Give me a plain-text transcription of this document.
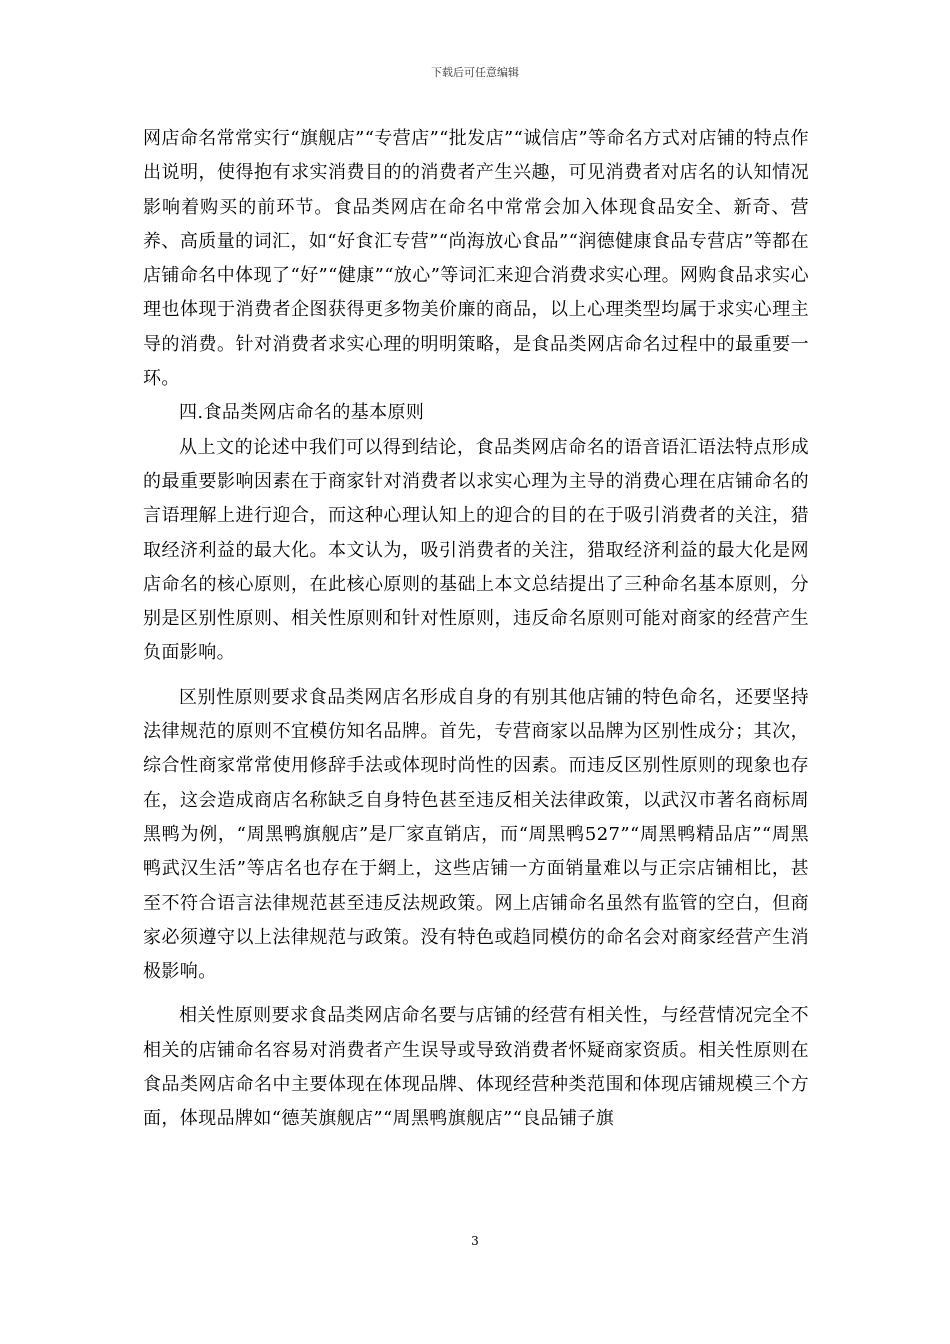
下载后可任意编辑

网店命名常常实行“旗舰店”“专营店”“批发店”“诚信店”等命名方式对店铺的特点作出说明，使得抱有求实消费目的的消费者产生兴趣，可见消费者对店名的认知情况影响着购买的前环节。食品类网店在命名中常常会加入体现食品安全、新奇、营养、高质量的词汇，如“好食汇专营”“尚海放心食品”“润德健康食品专营店”等都在店铺命名中体现了“好”“健康”“放心”等词汇来迎合消费求实心理。网购食品求实心理也体现于消费者企图获得更多物美价廉的商品，以上心理类型均属于求实心理主导的消费。针对消费者求实心理的明明策略，是食品类网店命名过程中的最重要一环。

四.食品类网店命名的基本原则

从上文的论述中我们可以得到结论，食品类网店命名的语音语汇语法特点形成的最重要影响因素在于商家针对消费者以求实心理为主导的消费心理在店铺命名的言语理解上进行迎合，而这种心理认知上的迎合的目的在于吸引消费者的关注，猎取经济利益的最大化。本文认为，吸引消费者的关注，猎取经济利益的最大化是网店命名的核心原则，在此核心原则的基础上本文总结提出了三种命名基本原则，分别是区别性原则、相关性原则和针对性原则，违反命名原则可能对商家的经营产生负面影响。

区别性原则要求食品类网店名形成自身的有别其他店铺的特色命名，还要坚持法律规范的原则不宜模仿知名品牌。首先，专营商家以品牌为区别性成分；其次，综合性商家常常使用修辞手法或体现时尚性的因素。而违反区别性原则的现象也存在，这会造成商店名称缺乏自身特色甚至违反相关法律政策，以武汉市著名商标周黑鸭为例，“周黑鸭旗舰店”是厂家直销店，而“周黑鸭527”“周黑鸭精品店”“周黑鸭武汉生活”等店名也存在于網上，这些店铺一方面销量难以与正宗店铺相比，甚至不符合语言法律规范甚至违反法规政策。网上店铺命名虽然有监管的空白，但商家必须遵守以上法律规范与政策。没有特色或趋同模仿的命名会对商家经营产生消极影响。

相关性原则要求食品类网店命名要与店铺的经营有相关性，与经营情况完全不相关的店铺命名容易对消费者产生误导或导致消费者怀疑商家资质。相关性原则在食品类网店命名中主要体现在体现品牌、体现经营种类范围和体现店铺规模三个方面，体现品牌如“德芙旗舰店”“周黑鸭旗舰店”“良品铺子旗

3
